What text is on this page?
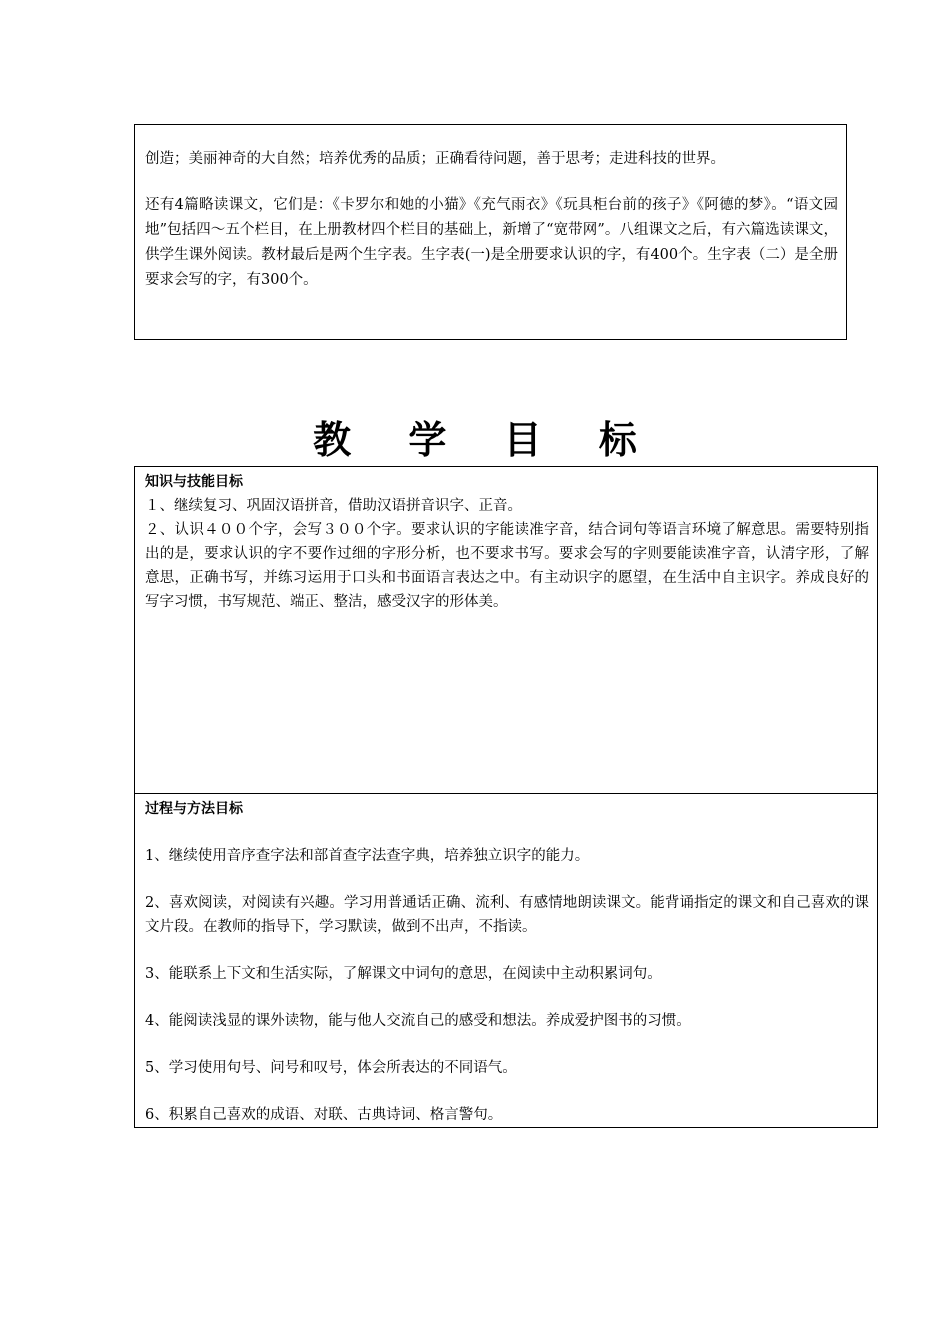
创造；美丽神奇的大自然；培养优秀的品质；正确看待问题，善于思考；走进科技的世界。

还有4篇略读课文，它们是：《卡罗尔和她的小猫》《充气雨衣》《玩具柜台前的孩子》《阿德的梦》。“语文园地”包括四～五个栏目，在上册教材四个栏目的基础上，新增了“宽带网”。八组课文之后，有六篇选读课文，供学生课外阅读。教材最后是两个生字表。生字表(一)是全册要求认识的字，有400个。生字表（二）是全册要求会写的字，有300个。

教 学 目 标
知识与技能目标

１、继续复习、巩固汉语拼音，借助汉语拼音识字、正音。

２、认识４００个字，会写３００个字。要求认识的字能读准字音，结合词句等语言环境了解意思。需要特别指出的是，要求认识的字不要作过细的字形分析，也不要求书写。要求会写的字则要能读准字音，认清字形，了解意思，正确书写，并练习运用于口头和书面语言表达之中。有主动识字的愿望，在生活中自主识字。养成良好的写字习惯，书写规范、端正、整洁，感受汉字的形体美。

过程与方法目标

1、继续使用音序查字法和部首查字法查字典，培养独立识字的能力。

2、喜欢阅读，对阅读有兴趣。学习用普通话正确、流利、有感情地朗读课文。能背诵指定的课文和自己喜欢的课文片段。在教师的指导下，学习默读，做到不出声，不指读。

3、能联系上下文和生活实际，了解课文中词句的意思，在阅读中主动积累词句。

4、能阅读浅显的课外读物，能与他人交流自己的感受和想法。养成爱护图书的习惯。

5、学习使用句号、问号和叹号，体会所表达的不同语气。

6、积累自己喜欢的成语、对联、古典诗词、格言警句。
